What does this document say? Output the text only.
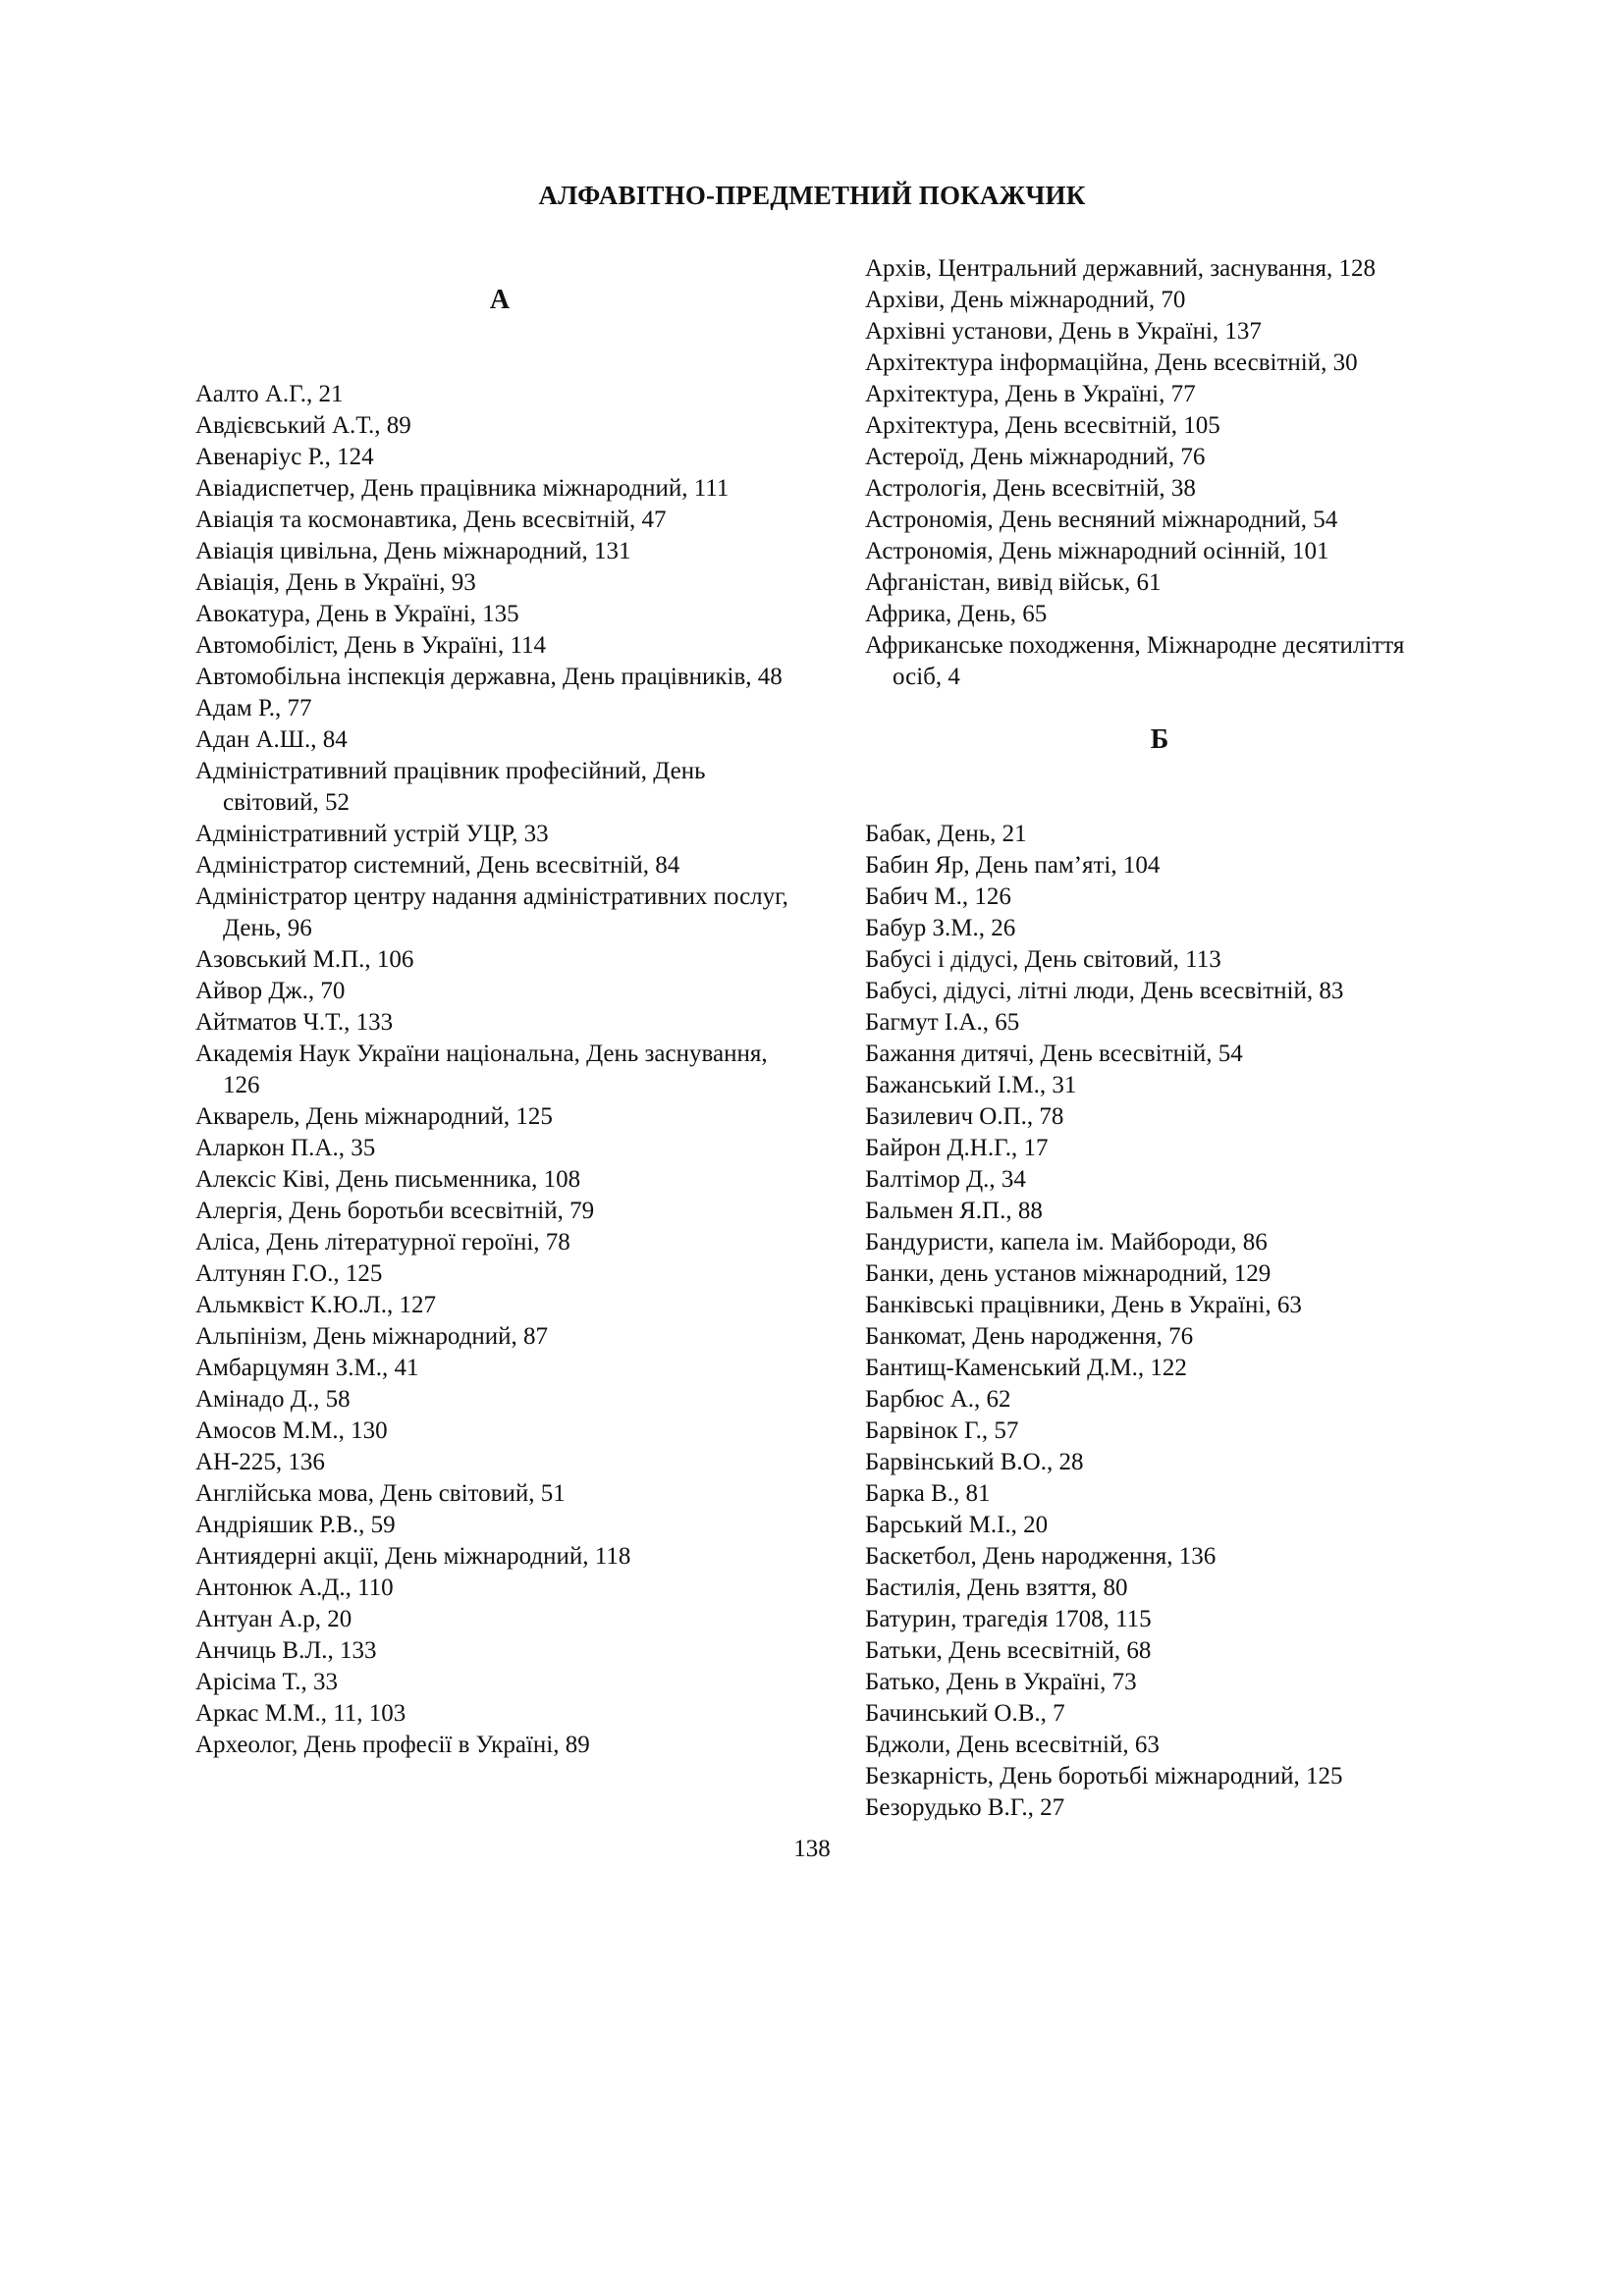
АЛФАВІТНО-ПРЕДМЕТНИЙ ПОКАЖЧИК

А

Аалто А.Г., 21

Авдієвський А.Т., 89

Авенаріус Р., 124

Авіадиспетчер, День працівника міжнародний, 111

Авіація та космонавтика, День всесвітній, 47

Авіація цивільна, День міжнародний, 131

Авіація, День в Україні, 93

Авокатура, День в Україні, 135

Автомобіліст, День в Україні, 114

Автомобільна інспекція державна, День працівників, 48

Адам Р., 77

Адан А.Ш., 84

Адміністративний працівник професійний, День світовий, 52

Адміністративний устрій УЦР, 33

Адміністратор системний, День всесвітній, 84

Адміністратор центру надання адміністративних послуг, День, 96

Азовський М.П., 106

Айвор Дж., 70

Айтматов Ч.Т., 133

Академія Наук України національна, День заснування, 126

Акварель, День міжнародний, 125

Аларкон П.А., 35

Алексіс Ківі, День письменника, 108

Алергія, День боротьби всесвітній, 79

Аліса, День літературної героїні, 78

Алтунян Г.О., 125

Альмквіст К.Ю.Л., 127

Альпінізм, День міжнародний, 87

Амбарцумян З.М., 41

Амінадо Д., 58

Амосов М.М., 130

АН-225, 136

Англійська мова, День світовий, 51

Андріяшик Р.В., 59

Антиядерні акції, День міжнародний, 118

Антонюк А.Д., 110

Антуан А.р, 20

Анчиць В.Л., 133

Арісіма Т., 33

Аркас М.М., 11, 103

Археолог, День професії в Україні, 89

Архів, Центральний державний, заснування, 128

Архіви, День міжнародний, 70

Архівні установи, День в Україні, 137

Архітектура інформаційна, День всесвітній, 30

Архітектура, День в Україні, 77

Архітектура, День всесвітній, 105

Астероїд, День міжнародний, 76

Астрологія, День всесвітній, 38

Астрономія, День весняний міжнародний, 54

Астрономія, День міжнародний осінній, 101

Афганістан, вивід військ, 61

Африка, День, 65

Африканське походження, Міжнародне десятиліття осіб, 4

Б

Бабак, День, 21

Бабин Яр, День пам’яті, 104

Бабич М., 126

Бабур З.М., 26

Бабусі і дідусі, День світовий, 113

Бабусі, дідусі, літні люди, День всесвітній, 83

Багмут І.А., 65

Бажання дитячі, День всесвітній, 54

Бажанський І.М., 31

Базилевич О.П., 78

Байрон Д.Н.Г., 17

Балтімор Д., 34

Бальмен Я.П., 88

Бандуристи, капела ім. Майбороди, 86

Банки, день установ міжнародний, 129

Банківські працівники, День в Україні, 63

Банкомат, День народження, 76

Бантищ-Каменський Д.М., 122

Барбюс А., 62

Барвінок Г., 57

Барвінський В.О., 28

Барка В., 81

Барський М.І., 20

Баскетбол, День народження, 136

Бастилія, День взяття, 80

Батурин, трагедія 1708, 115

Батьки, День всесвітній, 68

Батько, День в Україні, 73

Бачинський О.В., 7

Бджоли, День всесвітній, 63

Безкарність, День боротьбі міжнародний, 125

Безорудько В.Г., 27

138
